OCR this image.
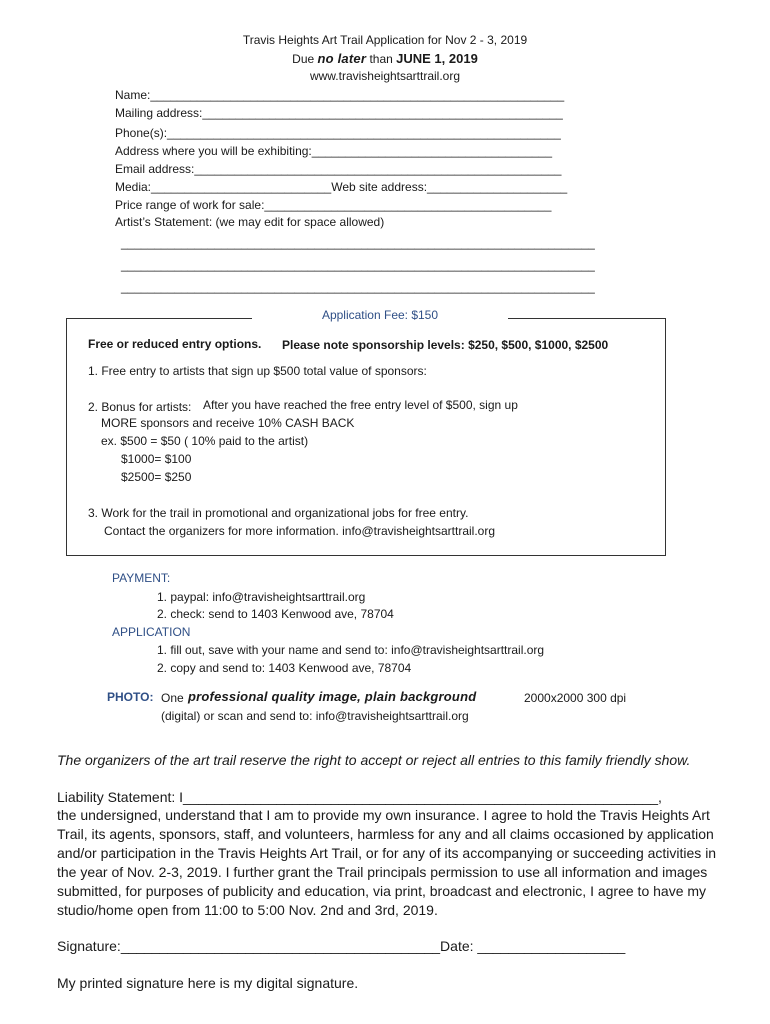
Travis Heights Art Trail Application for Nov 2 - 3, 2019
Due no later than JUNE 1, 2019
www.travisheightsarttrail.org
Name:______________________________________________________________
Mailing address:______________________________________________________
Phone(s):___________________________________________________________
Address where you will be exhibiting:____________________________________
Email address:_______________________________________________________
Media:___________________________Web site address:_____________________
Price range of work for sale:___________________________________________
Artist’s Statement: (we may edit for space allowed)
_______________________________________________________________________
_______________________________________________________________________
_______________________________________________________________________
Application Fee: $150
Free or reduced entry options. Please note sponsorship levels: $250, $500, $1000, $2500
1. Free entry to artists that sign up $500 total value of sponsors:
2. Bonus for artists: After you have reached the free entry level of $500, sign up
MORE sponsors and receive 10% CASH BACK
ex. $500 = $50 ( 10% paid to the artist)
$1000= $100
$2500= $250
3. Work for the trail in promotional and organizational jobs for free entry.
Contact the organizers for more information. info@travisheightsarttrail.org
PAYMENT:
1. paypal: info@travisheightsarttrail.org
2. check: send to 1403 Kenwood ave, 78704
APPLICATION
1. fill out, save with your name and send to: info@travisheightsarttrail.org
2. copy and send to: 1403 Kenwood ave, 78704
PHOTO: One professional quality image, plain background	2000x2000 300 dpi
(digital) or scan and send to: info@travisheightsarttrail.org
The organizers of the art trail reserve the right to accept or reject all entries to this family friendly show.
Liability Statement: I_____________________________________________________________,
the undersigned, understand that I am to provide my own insurance. I agree to hold the Travis Heights Art Trail, its agents, sponsors, staff, and volunteers, harmless for any and all claims occasioned by application and/or participation in the Travis Heights Art Trail, or for any of its accompanying or succeeding activities in the year of Nov. 2-3, 2019. I further grant the Trail principals permission to use all information and images submitted, for purposes of publicity and education, via print, broadcast and electronic, I agree to have my studio/home open from 11:00 to 5:00 Nov. 2nd and 3rd, 2019.
Signature:_________________________________________Date: ___________________
My printed signature here is my digital signature.
